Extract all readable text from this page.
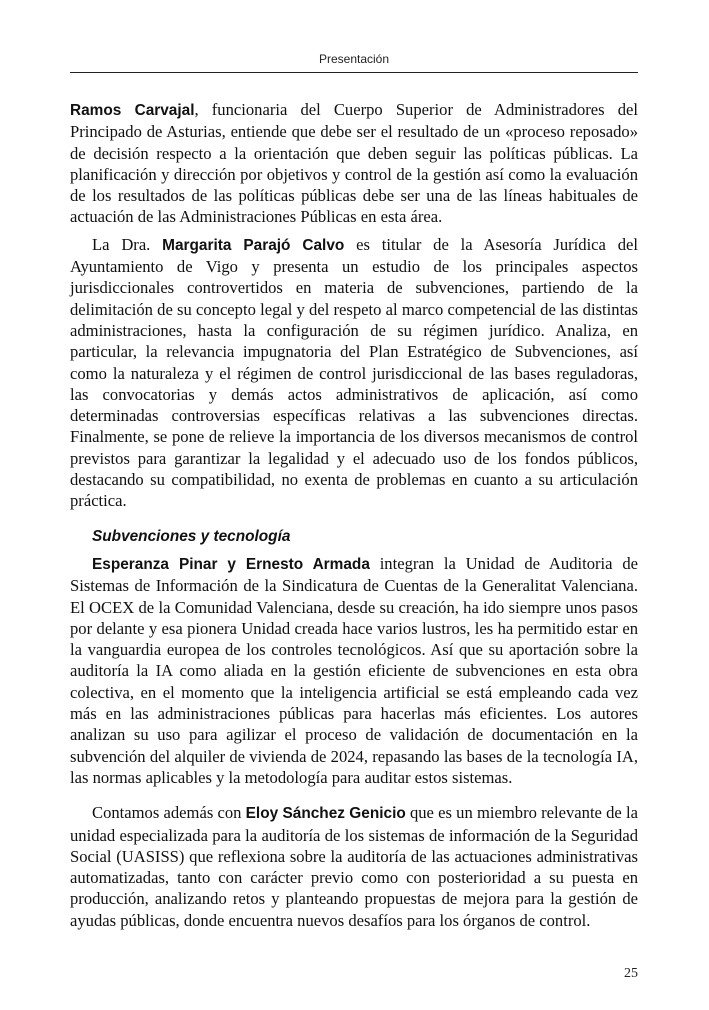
Presentación

Ramos Carvajal, funcionaria del Cuerpo Superior de Administradores del Principado de Asturias, entiende que debe ser el resultado de un «proceso reposado» de decisión respecto a la orientación que deben seguir las políticas públicas. La planificación y dirección por objetivos y control de la gestión así como la evaluación de los resultados de las políticas públicas debe ser una de las líneas habituales de actuación de las Administraciones Públicas en esta área.

La Dra. Margarita Parajó Calvo es titular de la Asesoría Jurídica del Ayuntamiento de Vigo y presenta un estudio de los principales aspectos jurisdiccionales controvertidos en materia de subvenciones, partiendo de la delimitación de su concepto legal y del respeto al marco competencial de las distintas administraciones, hasta la configuración de su régimen jurídico. Analiza, en particular, la relevancia impugnatoria del Plan Estratégico de Subvenciones, así como la naturaleza y el régimen de control jurisdiccional de las bases reguladoras, las convocatorias y demás actos administrativos de aplicación, así como determinadas controversias específicas relativas a las subvenciones directas. Finalmente, se pone de relieve la importancia de los diversos mecanismos de control previstos para garantizar la legalidad y el adecuado uso de los fondos públicos, destacando su compatibilidad, no exenta de problemas en cuanto a su articulación práctica.

Subvenciones y tecnología

Esperanza Pinar y Ernesto Armada integran la Unidad de Auditoria de Sistemas de Información de la Sindicatura de Cuentas de la Generalitat Valenciana. El OCEX de la Comunidad Valenciana, desde su creación, ha ido siempre unos pasos por delante y esa pionera Unidad creada hace varios lustros, les ha permitido estar en la vanguardia europea de los controles tecnológicos. Así que su aportación sobre la auditoría la IA como aliada en la gestión eficiente de subvenciones en esta obra colectiva, en el momento que la inteligencia artificial se está empleando cada vez más en las administraciones públicas para hacerlas más eficientes. Los autores analizan su uso para agilizar el proceso de validación de documentación en la subvención del alquiler de vivienda de 2024, repasando las bases de la tecnología IA, las normas aplicables y la metodología para auditar estos sistemas.

Contamos además con Eloy Sánchez Genicio que es un miembro relevante de la unidad especializada para la auditoría de los sistemas de información de la Seguridad Social (UASISS) que reflexiona sobre la auditoría de las actuaciones administrativas automatizadas, tanto con carácter previo como con posterioridad a su puesta en producción, analizando retos y planteando propuestas de mejora para la gestión de ayudas públicas, donde encuentra nuevos desafíos para los órganos de control.

25
